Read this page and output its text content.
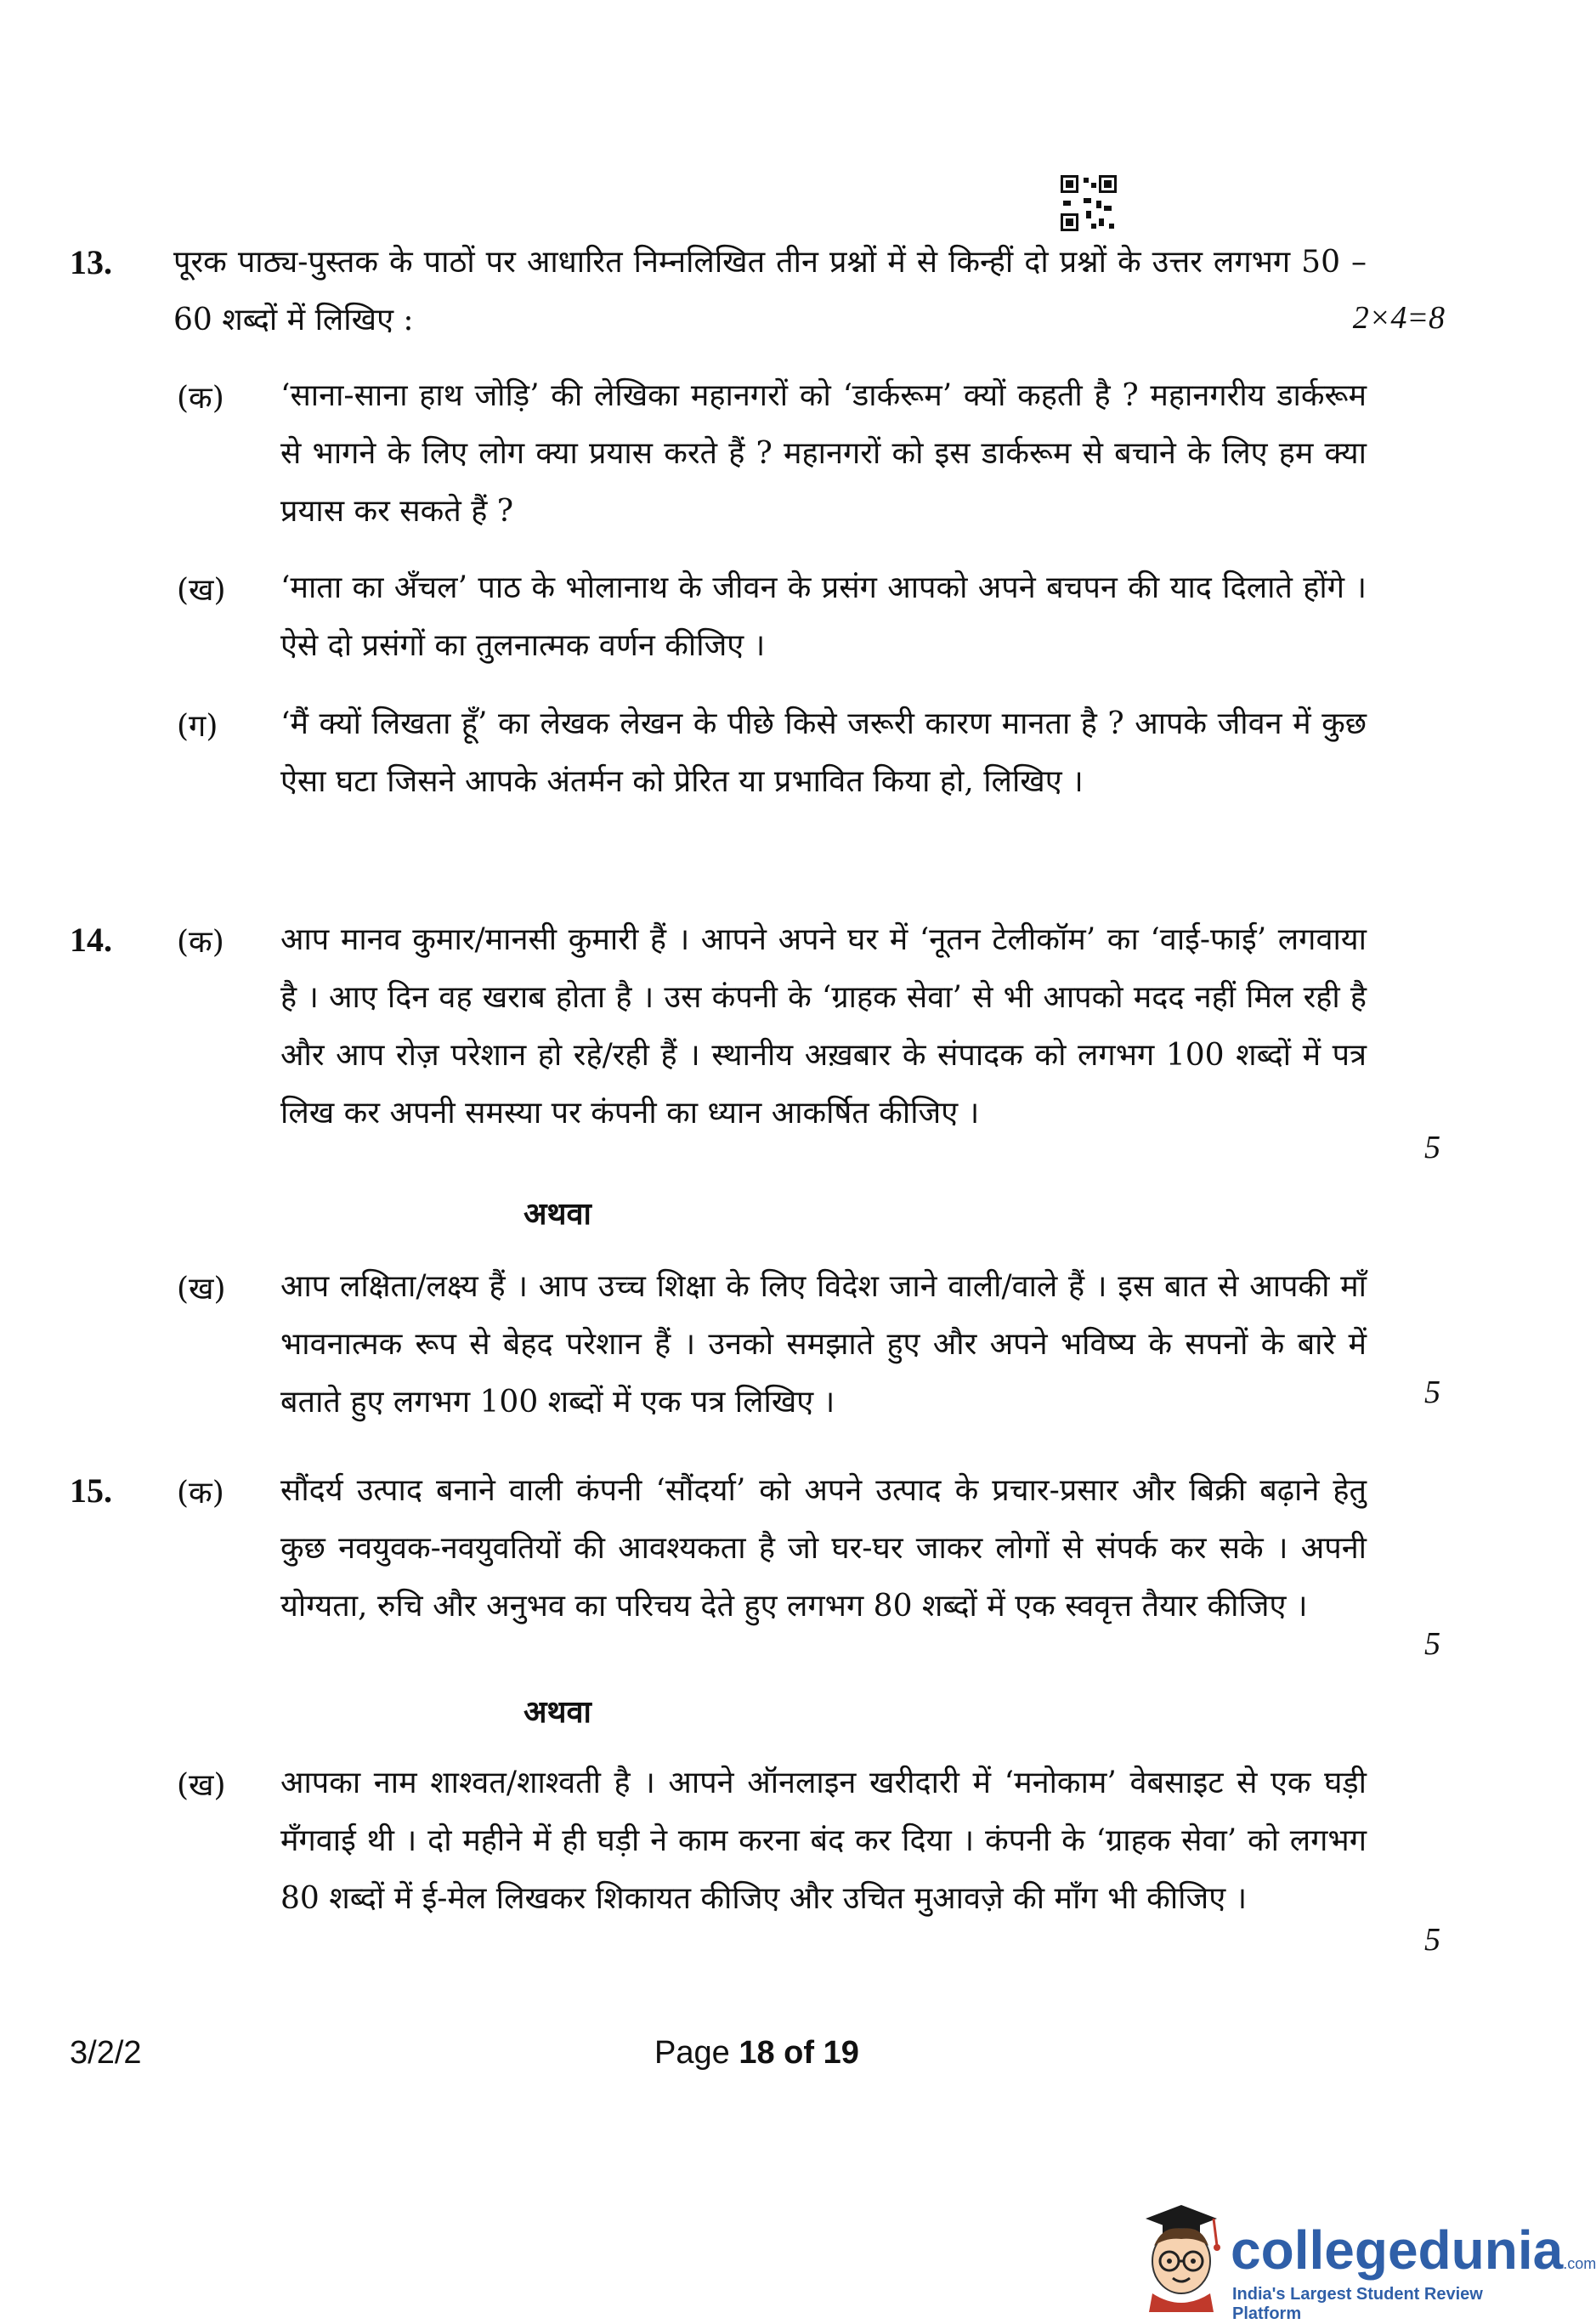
13. पूरक पाठ्य-पुस्तक के पाठों पर आधारित निम्नलिखित तीन प्रश्नों में से किन्हीं दो प्रश्नों के उत्तर लगभग 50 – 60 शब्दों में लिखिए :	2×4=8
(क) ‘साना-साना हाथ जोड़ि’ की लेखिका महानगरों को ‘डार्करूम’ क्यों कहती है ? महानगरीय डार्करूम से भागने के लिए लोग क्या प्रयास करते हैं ? महानगरों को इस डार्करूम से बचाने के लिए हम क्या प्रयास कर सकते हैं ?
(ख) ‘माता का अँचल’ पाठ के भोलानाथ के जीवन के प्रसंग आपको अपने बचपन की याद दिलाते होंगे । ऐसे दो प्रसंगों का तुलनात्मक वर्णन कीजिए ।
(ग) ‘मैं क्यों लिखता हूँ’ का लेखक लेखन के पीछे किसे जरूरी कारण मानता है ? आपके जीवन में कुछ ऐसा घटा जिसने आपके अंतर्मन को प्रेरित या प्रभावित किया हो, लिखिए ।
14. (क) आप मानव कुमार/मानसी कुमारी हैं । आपने अपने घर में ‘नूतन टेलीकॉम’ का ‘वाई-फाई’ लगवाया है । आए दिन वह खराब होता है । उस कंपनी के ‘ग्राहक सेवा’ से भी आपको मदद नहीं मिल रही है और आप रोज़ परेशान हो रहे/रही हैं । स्थानीय अख़बार के संपादक को लगभग 100 शब्दों में पत्र लिख कर अपनी समस्या पर कंपनी का ध्यान आकर्षित कीजिए ।
5
अथवा
(ख) आप लक्षिता/लक्ष्य हैं । आप उच्च शिक्षा के लिए विदेश जाने वाली/वाले हैं । इस बात से आपकी माँ भावनात्मक रूप से बेहद परेशान हैं । उनको समझाते हुए और अपने भविष्य के सपनों के बारे में बताते हुए लगभग 100 शब्दों में एक पत्र लिखिए ।	5
15. (क) सौंदर्य उत्पाद बनाने वाली कंपनी ‘सौंदर्या’ को अपने उत्पाद के प्रचार-प्रसार और बिक्री बढ़ाने हेतु कुछ नवयुवक-नवयुवतियों की आवश्यकता है जो घर-घर जाकर लोगों से संपर्क कर सके । अपनी योग्यता, रुचि और अनुभव का परिचय देते हुए लगभग 80 शब्दों में एक स्ववृत्त तैयार कीजिए ।
5
अथवा
(ख) आपका नाम शाश्वत/शाश्वती है । आपने ऑनलाइन खरीदारी में ‘मनोकाम’ वेबसाइट से एक घड़ी मँगवाई थी । दो महीने में ही घड़ी ने काम करना बंद कर दिया । कंपनी के ‘ग्राहक सेवा’ को लगभग 80 शब्दों में ई-मेल लिखकर शिकायत कीजिए और उचित मुआवज़े की माँग भी कीजिए ।
5
3/2/2	Page 18 of 19
collegedunia.com
India's Largest Student Review Platform
